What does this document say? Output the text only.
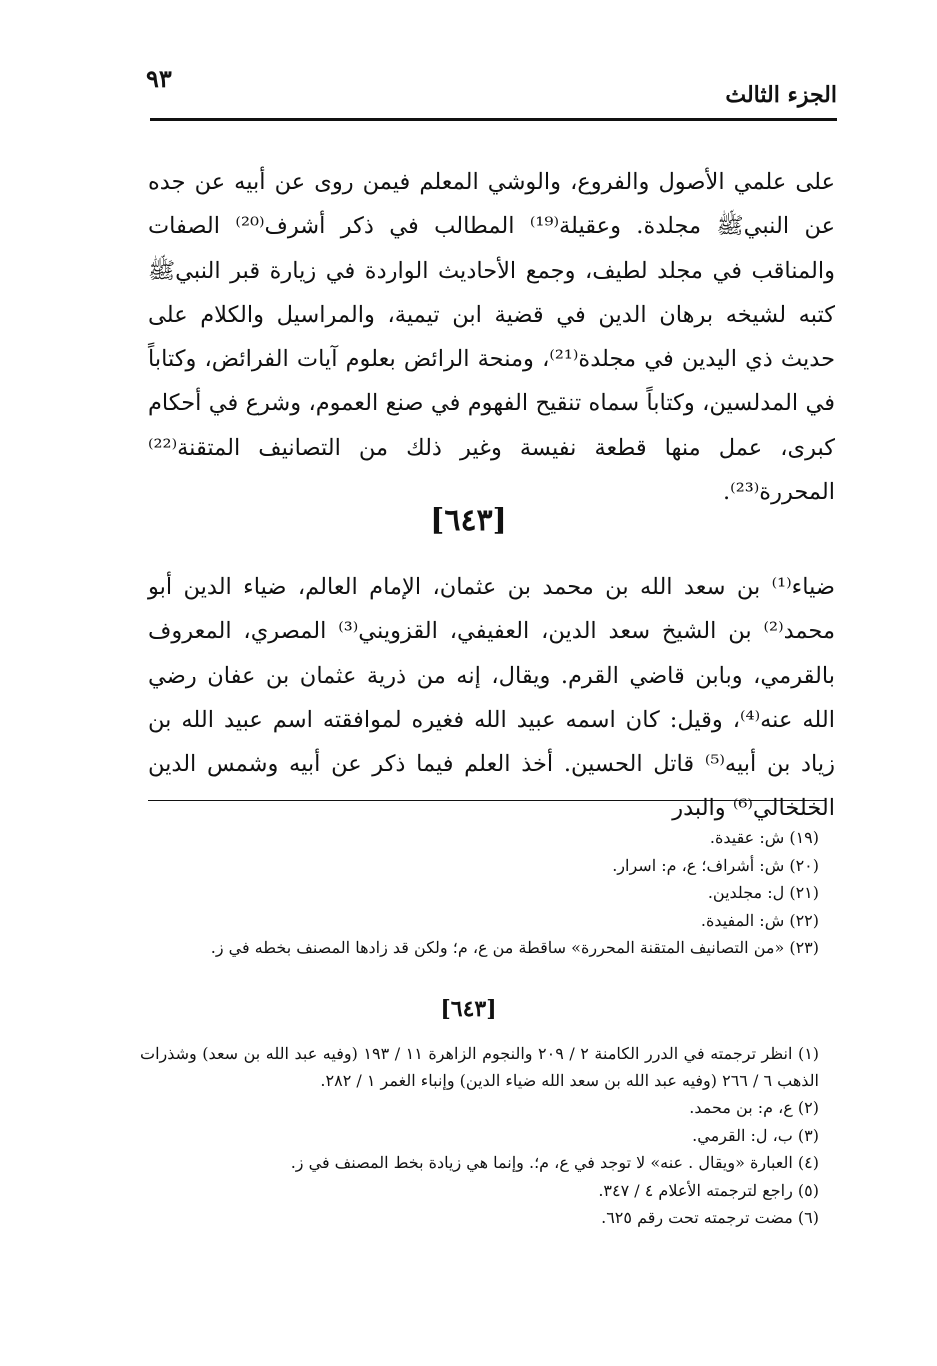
الجزء الثالث
٩٣

على علمي الأصول والفروع، والوشي المعلم فيمن روى عن أبيه عن جده عن النبيﷺ مجلدة. وعقيلة⁽¹⁹⁾ المطالب في ذكر أشرف⁽²⁰⁾ الصفات والمناقب في مجلد لطيف، وجمع الأحاديث الواردة في زيارة قبر النبيﷺ كتبه لشيخه برهان الدين في قضية ابن تيمية، والمراسيل والكلام على حديث ذي اليدين في مجلدة⁽²¹⁾، ومنحة الرائض بعلوم آيات الفرائض، وكتاباً في المدلسين، وكتاباً سماه تنقيح الفهوم في صنع العموم، وشرع في أحكام كبرى، عمل منها قطعة نفيسة وغير ذلك من التصانيف المتقنة⁽²²⁾ المحررة⁽²³⁾.

[٦٤٣]

ضياء⁽¹⁾ بن سعد الله بن محمد بن عثمان، الإمام العالم، ضياء الدين أبو محمد⁽²⁾ بن الشيخ سعد الدين، العفيفي، القزويني⁽³⁾ المصري، المعروف بالقرمي، وبابن قاضي القرم. ويقال، إنه من ذرية عثمان بن عفان رضي الله عنه⁽⁴⁾، وقيل: كان اسمه عبيد الله فغيره لموافقته اسم عبيد الله بن زياد بن أبيه⁽⁵⁾ قاتل الحسين. أخذ العلم فيما ذكر عن أبيه وشمس الدين الخلخالي⁽⁶⁾ والبدر

(١٩) ش: عقيدة.
(٢٠) ش: أشراف؛ ع، م: اسرار.
(٢١) ل: مجلدين.
(٢٢) ش: المفيدة.
(٢٣) «من التصانيف المتقنة المحررة» ساقطة من ع، م؛ ولكن قد زادها المصنف بخطه في ز.
[٦٤٣]
(١) انظر ترجمته في الدرر الكامنة ٢ / ٢٠٩ والنجوم الزاهرة ١١ / ١٩٣ (وفيه عبد الله بن سعد) وشذرات الذهب ٦ / ٢٦٦ (وفيه عبد الله بن سعد الله ضياء الدين) وإنباء الغمر ١ / ٢٨٢.
(٢) ع، م: بن محمد.
(٣) ب، ل: القرمي.
(٤) العبارة «ويقال . عنه» لا توجد في ع، م؛. وإنما هي زيادة بخط المصنف في ز.
(٥) راجع لترجمته الأعلام ٤ / ٣٤٧.
(٦) مضت ترجمته تحت رقم ٦٢٥.
